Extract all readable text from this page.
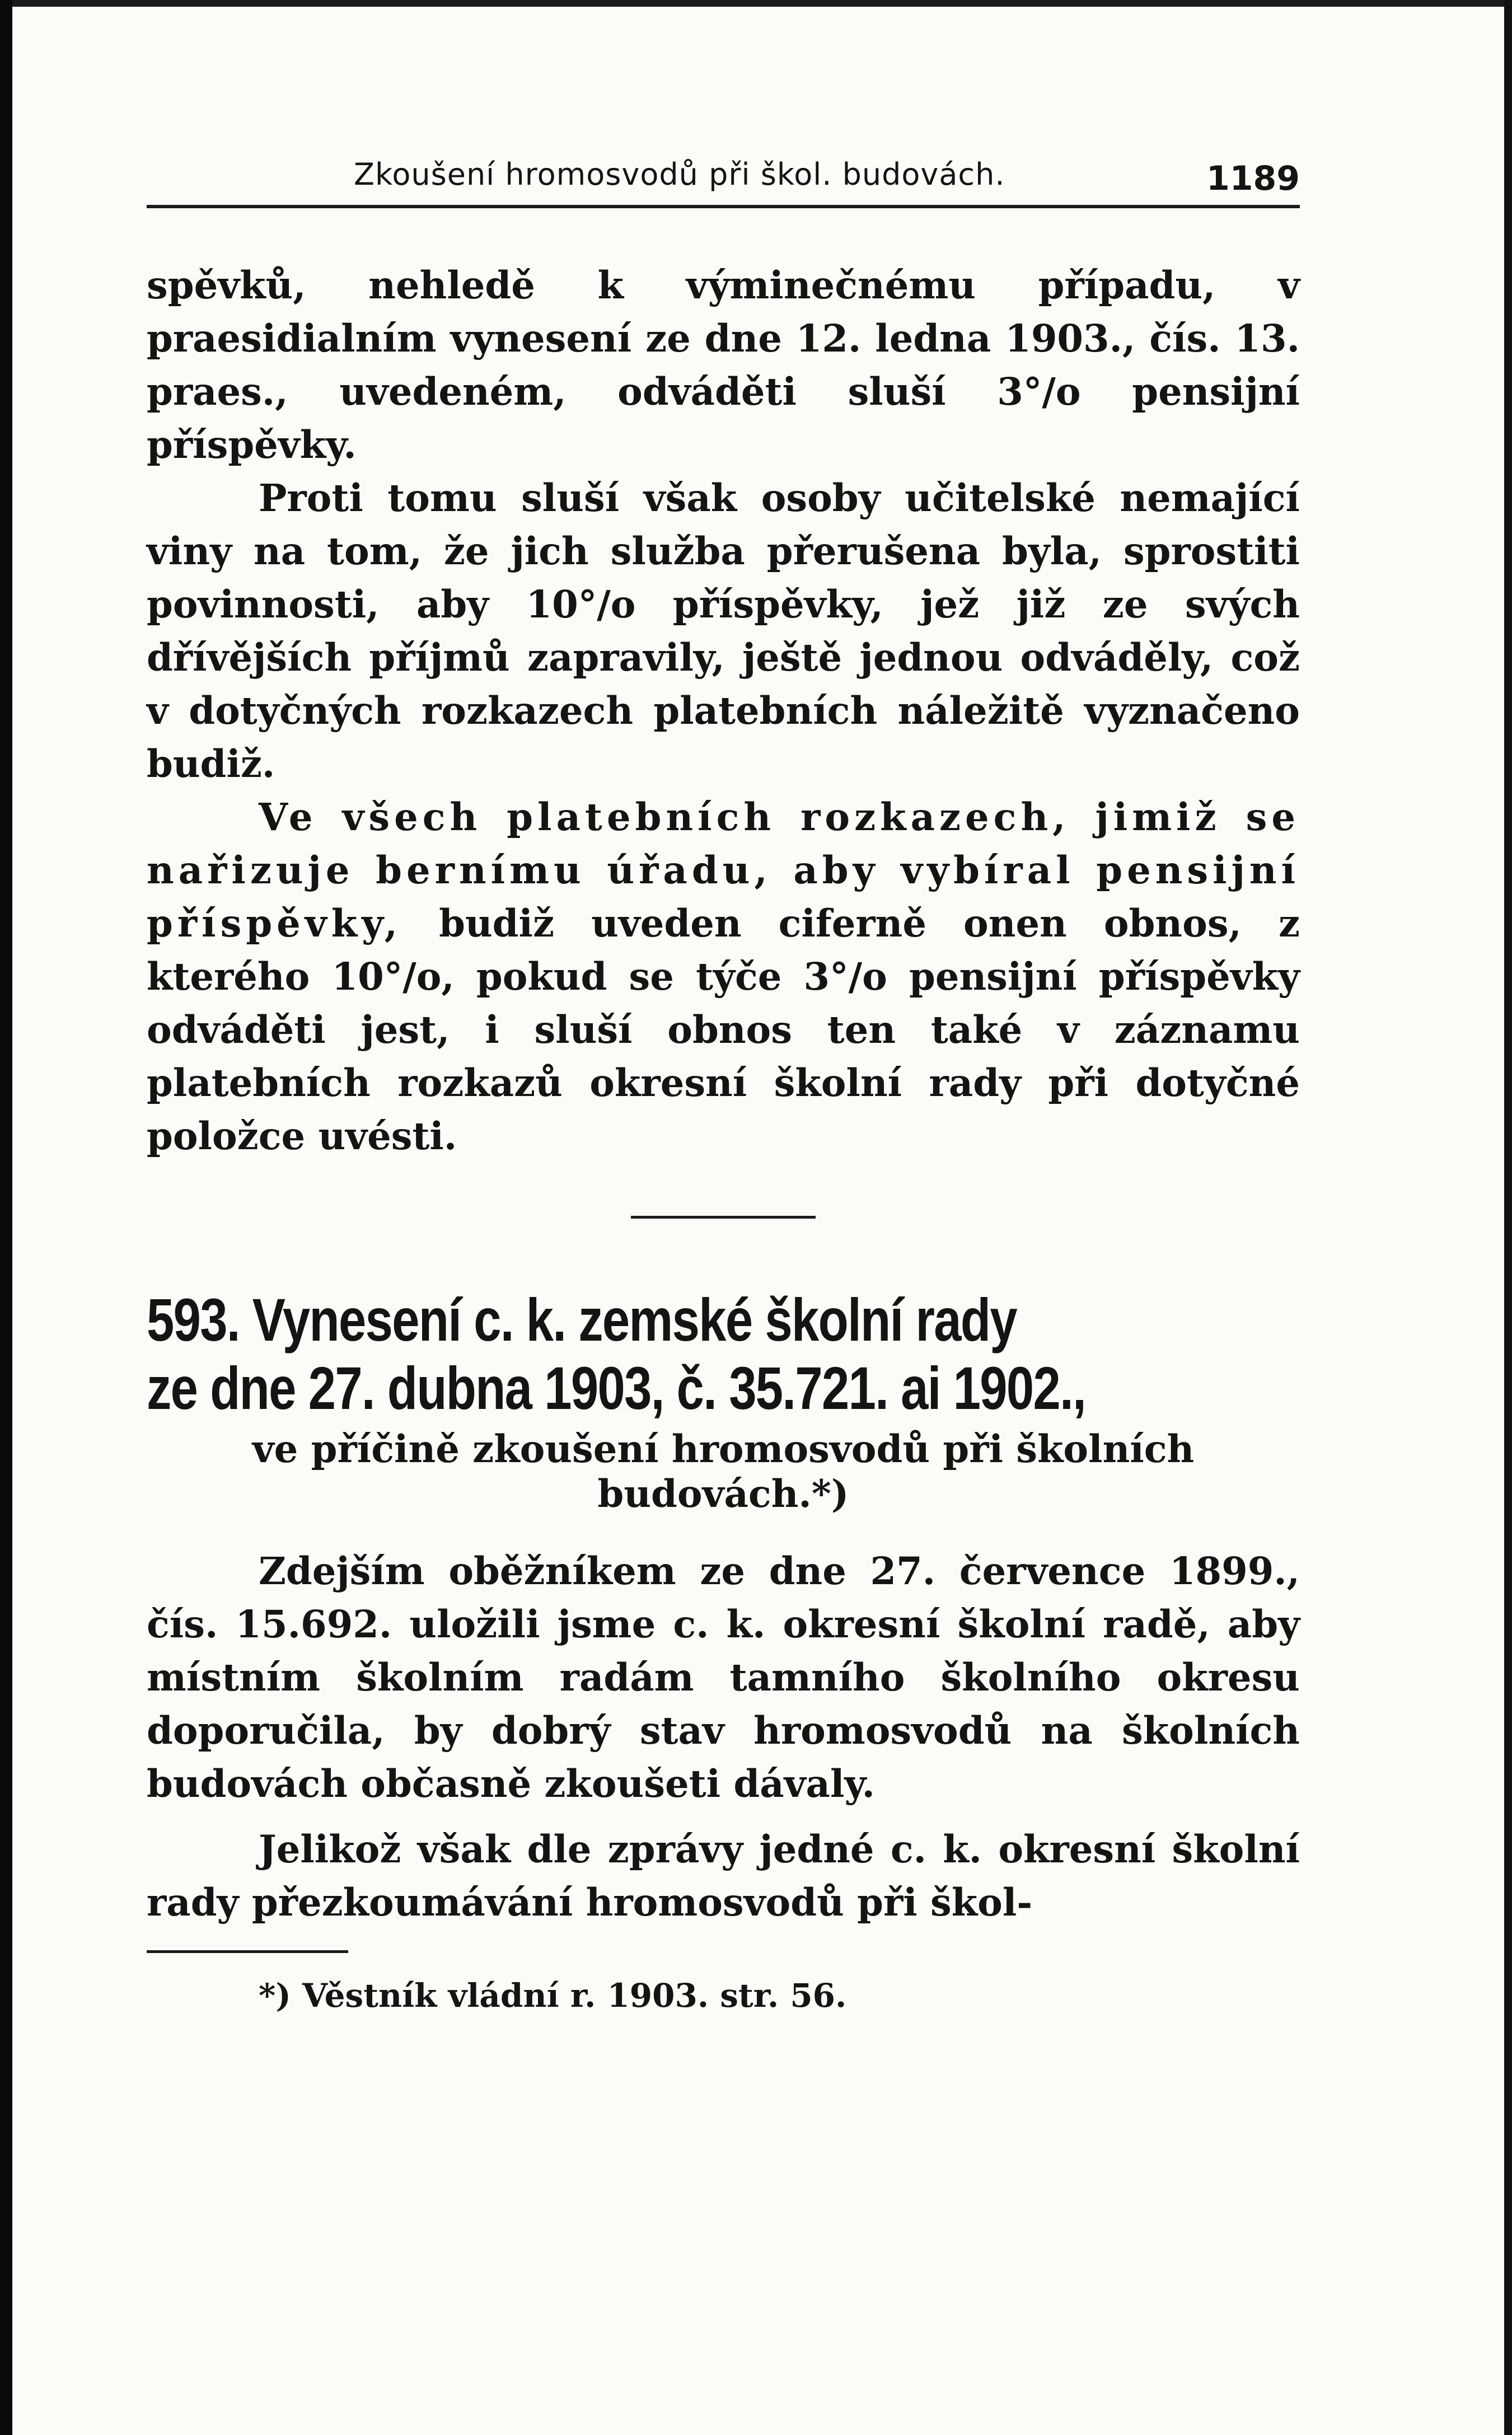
Zkoušení hromosvodů při škol. budovách.	1189

spěvků, nehledě k výminečnému případu, v praesidialním vynesení ze dne 12. ledna 1903., čís. 13. praes., uvedeném, odváděti sluší 3°/o pensijní příspěvky.

Proti tomu sluší však osoby učitelské nemající viny na tom, že jich služba přerušena byla, sprostiti povinnosti, aby 10°/o příspěvky, jež již ze svých dřívějších příjmů zapravily, ještě jednou odváděly, což v dotyčných rozkazech platebních náležitě vyznačeno budiž.

Ve všech platebních rozkazech, jimiž se nařizuje bernímu úřadu, aby vybíral pensijní příspěvky, budiž uveden ciferně onen obnos, z kterého 10°/o, pokud se týče 3°/o pensijní příspěvky odváděti jest, i sluší obnos ten také v záznamu platebních rozkazů okresní školní rady při dotyčné položce uvésti.

593. Vynesení c. k. zemské školní rady
ze dne 27. dubna 1903, č. 35.721. ai 1902.,
ve příčině zkoušení hromosvodů při školních budovách.*)

Zdejším oběžníkem ze dne 27. července 1899., čís. 15.692. uložili jsme c. k. okresní školní radě, aby místním školním radám tamního školního okresu doporučila, by dobrý stav hromosvodů na školních budovách občasně zkoušeti dávaly.

Jelikož však dle zprávy jedné c. k. okresní školní rady přezkoumávání hromosvodů při škol-

*) Věstník vládní r. 1903. str. 56.
